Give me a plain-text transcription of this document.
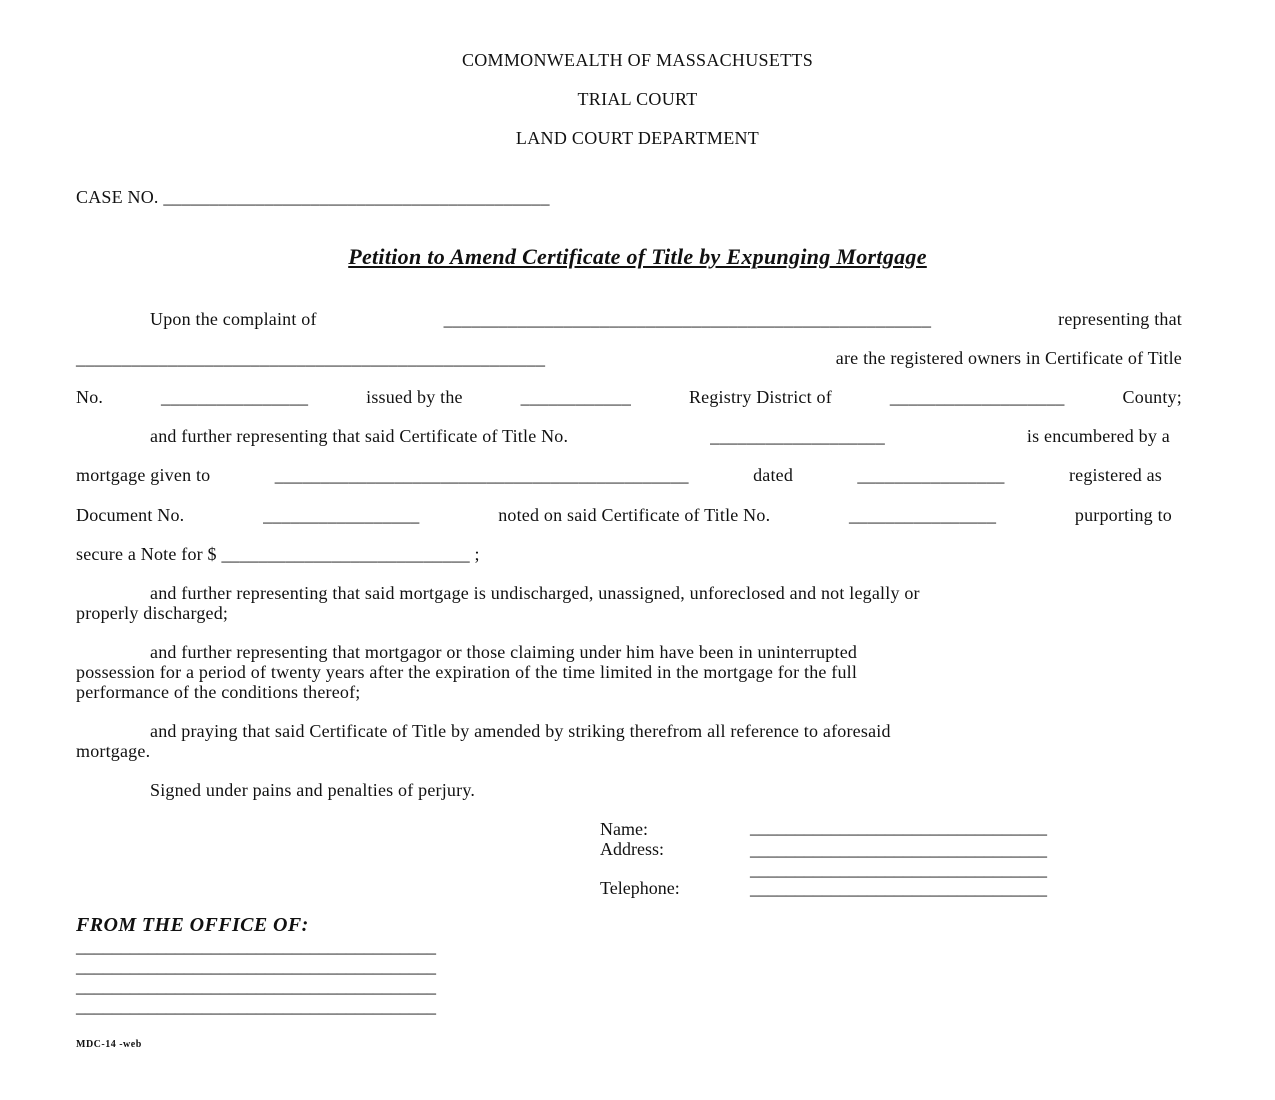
COMMONWEALTH OF MASSACHUSETTS
TRIAL COURT
LAND COURT DEPARTMENT
CASE NO. __________________________________________
Petition to Amend Certificate of Title by Expunging Mortgage
Upon the complaint of	_____________________________________________________	representing that
___________________________________________________	are the registered owners in Certificate of Title
No.	________________	issued by the	____________	Registry District of	___________________	County;
and further representing that said Certificate of Title No.	___________________	is encumbered by a
mortgage given to	_____________________________________________	dated	________________	registered as
Document No.	_________________	noted on said Certificate of Title No.	________________	purporting to
secure a Note for $ ___________________________ ;
and further representing that said mortgage is undischarged, unassigned, unforeclosed and not legally or
properly discharged;
and further representing that mortgagor or those claiming under him have been in uninterrupted
possession for a period of twenty years after the expiration of the time limited in the mortgage for the full
performance of the conditions thereof;
and praying that said Certificate of Title by amended by striking therefrom all reference to aforesaid
mortgage.
Signed under pains and penalties of perjury.
Name:	_________________________________
Address:	_________________________________
_________________________________
Telephone:	_________________________________
FROM THE OFFICE OF:
________________________________________
________________________________________
________________________________________
________________________________________
MDC-14 -web
